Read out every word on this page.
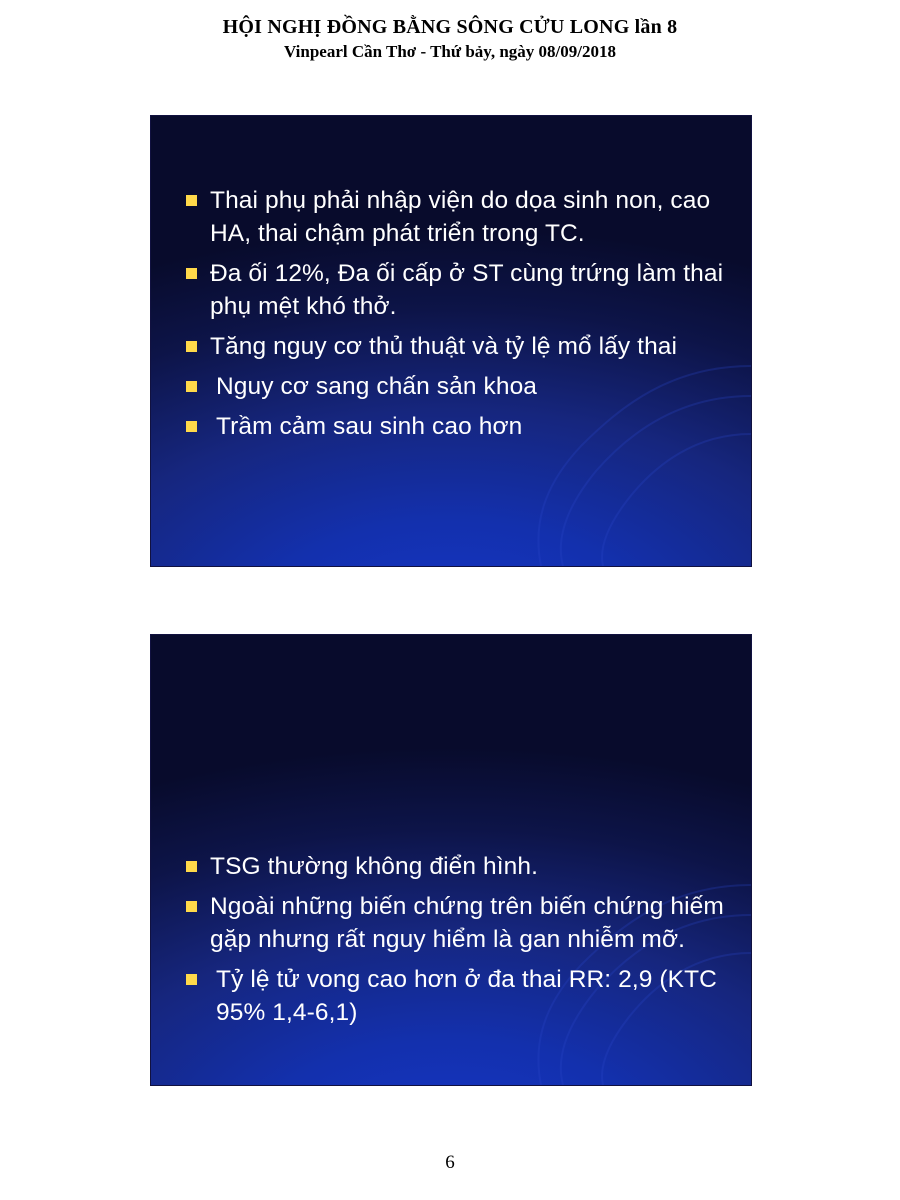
HỘI NGHỊ ĐỒNG BẰNG SÔNG CỬU LONG lần 8
Vinpearl Cần Thơ - Thứ bảy, ngày 08/09/2018
Thai phụ phải nhập viện do dọa sinh non, cao HA, thai chậm phát triển trong TC.
Đa ối 12%, Đa ối cấp ở ST cùng trứng làm thai phụ mệt khó thở.
Tăng nguy cơ thủ thuật và tỷ lệ mổ lấy thai
Nguy cơ sang chấn sản khoa
Trầm cảm sau sinh cao hơn
TSG thường không điển hình.
Ngoài những biến chứng trên biến chứng hiếm gặp nhưng rất nguy hiểm là gan nhiễm mỡ.
Tỷ lệ tử vong cao hơn ở đa thai RR: 2,9 (KTC 95% 1,4-6,1)
6
